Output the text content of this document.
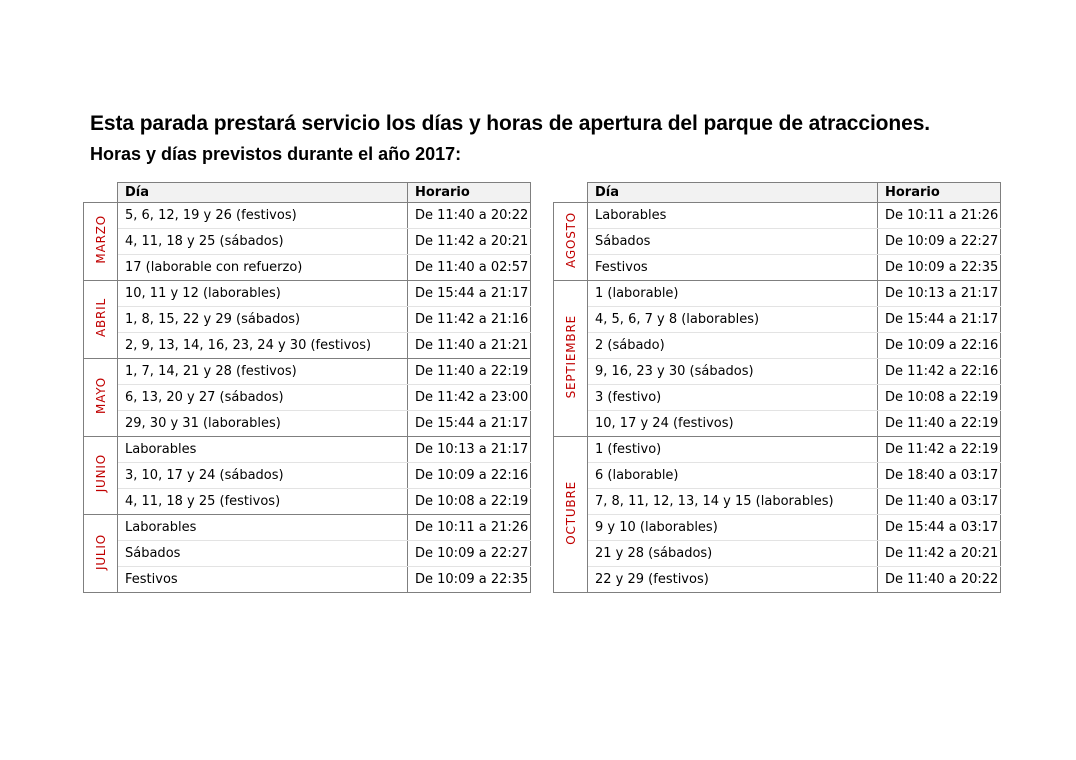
Esta parada prestará servicio los días y horas de apertura del parque de atracciones.
Horas y días previstos durante el año 2017:
	Día	Horario
MARZO	5, 6, 12, 19 y 26 (festivos)	De 11:40 a 20:22
	4, 11, 18 y 25 (sábados)	De 11:42 a 20:21
	17 (laborable con refuerzo)	De 11:40 a 02:57
ABRIL	10, 11 y 12 (laborables)	De 15:44 a 21:17
	1, 8, 15, 22 y 29 (sábados)	De 11:42 a 21:16
	2, 9, 13, 14, 16, 23, 24 y 30 (festivos)	De 11:40 a 21:21
MAYO	1, 7, 14, 21 y 28 (festivos)	De 11:40 a 22:19
	6, 13, 20 y 27 (sábados)	De 11:42 a 23:00
	29, 30 y 31 (laborables)	De 15:44 a 21:17
JUNIO	Laborables	De 10:13 a 21:17
	3, 10, 17 y 24 (sábados)	De 10:09 a 22:16
	4, 11, 18 y 25 (festivos)	De 10:08 a 22:19
JULIO	Laborables	De 10:11 a 21:26
	Sábados	De 10:09 a 22:27
	Festivos	De 10:09 a 22:35
	Día	Horario
AGOSTO	Laborables	De 10:11 a 21:26
	Sábados	De 10:09 a 22:27
	Festivos	De 10:09 a 22:35
SEPTIEMBRE	1 (laborable)	De 10:13 a 21:17
	4, 5, 6, 7 y 8 (laborables)	De 15:44 a 21:17
	2 (sábado)	De 10:09 a 22:16
	9, 16, 23 y 30 (sábados)	De 11:42 a 22:16
	3 (festivo)	De 10:08 a 22:19
	10, 17 y 24 (festivos)	De 11:40 a 22:19
OCTUBRE	1 (festivo)	De 11:42 a 22:19
	6 (laborable)	De 18:40 a 03:17
	7, 8, 11, 12, 13, 14 y 15 (laborables)	De 11:40 a 03:17
	9 y 10 (laborables)	De 15:44 a 03:17
	21 y 28 (sábados)	De 11:42 a 20:21
	22 y 29 (festivos)	De 11:40 a 20:22
